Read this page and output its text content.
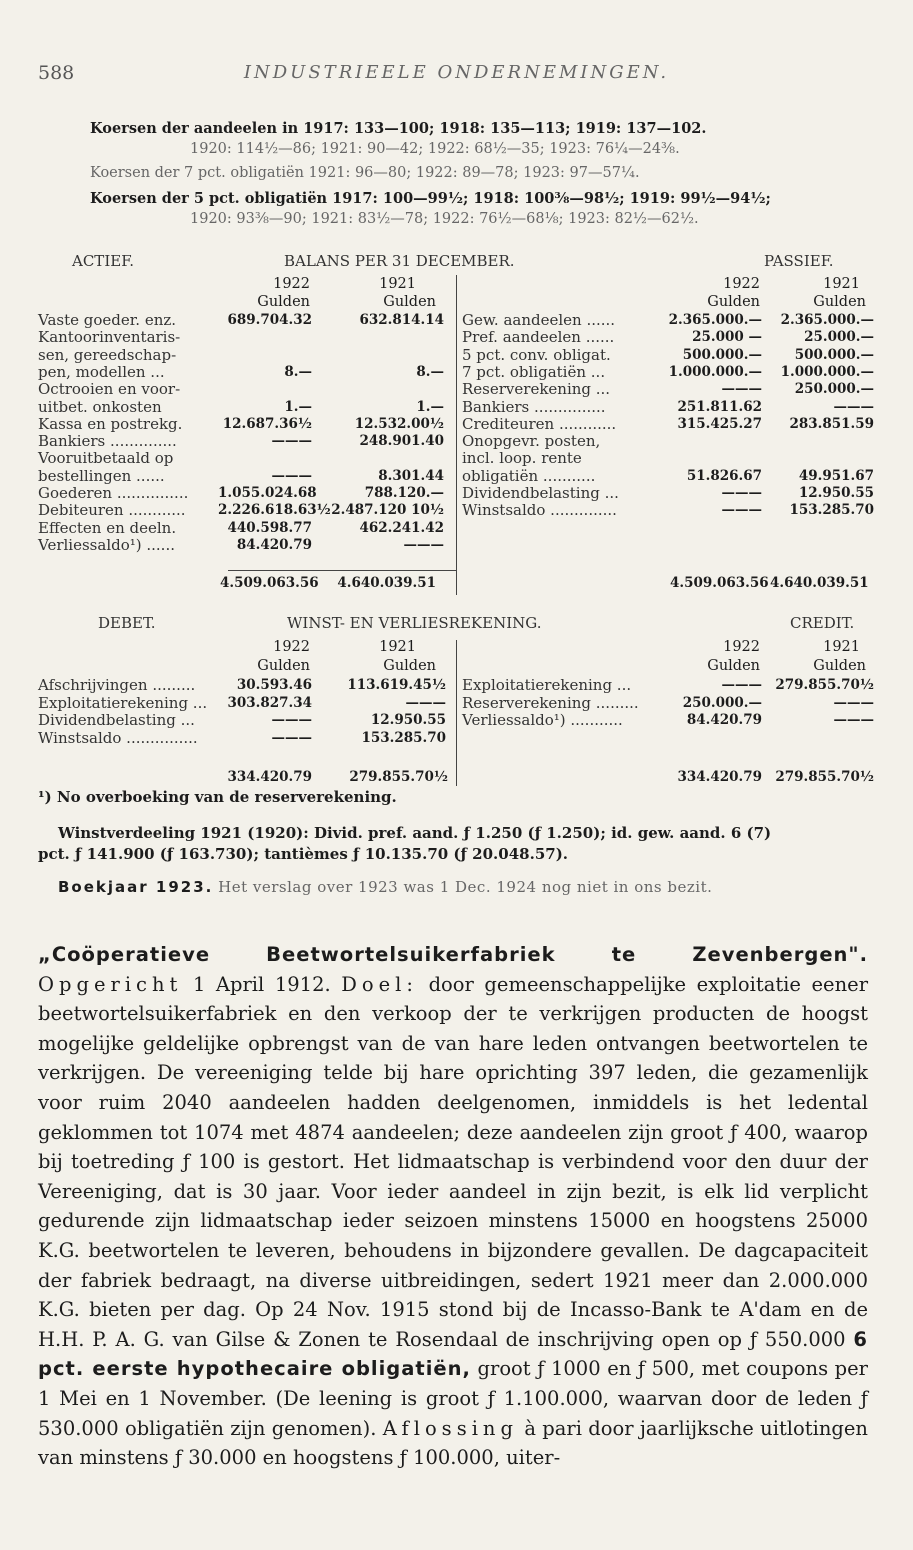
588	INDUSTRIEELE ONDERNEMINGEN.
Koersen der aandeelen in 1917: 133—100; 1918: 135—113; 1919: 137—102.
1920: 114½—86; 1921: 90—42; 1922: 68½—35; 1923: 76¼—24⅜.
Koersen der 7 pct. obligatiën 1921: 96—80; 1922: 89—78; 1923: 97—57¼.
Koersen der 5 pct. obligatiën 1917: 100—99½; 1918: 100⅜—98½; 1919: 99½—94½;
1920: 93⅜—90; 1921: 83½—78; 1922: 76½—68⅛; 1923: 82½—62½.
ACTIEF.	BALANS PER 31 DECEMBER.	PASSIEF.
1922	1921	1922	1921
Gulden	Gulden	Gulden	Gulden
Vaste goeder. enz.	689.704.32	632.814.14
Kantoorinventaris-
sen, gereedschap-
pen, modellen ...	8.—	8.—
Octrooien en voor-
uitbet. onkosten	1.—	1.—
Kassa en postrekg.	12.687.36½	12.532.00½
Bankiers ..............	———	248.901.40
Vooruitbetaald op
bestellingen ......	———	8.301.44
Goederen ............... 1.055.024.68	788.120.—
Debiteuren ............ 2.226.618.63½ 2.487.120 10½
Effecten en deeln.	440.598.77	462.241.42
Verliessaldo¹) ......	84.420.79	———
Gew. aandeelen ......	2.365.000.—	2.365.000.—
Pref. aandeelen ......	25.000 —	25.000.—
5 pct. conv. obligat.	500.000.—	500.000.—
7 pct. obligatiën ...	1.000.000.—	1.000.000.—
Reserverekening ...	———	250.000.—
Bankiers ...............	251.811.62	———
Crediteuren ............	315.425.27	283.851.59
Onopgevr. posten,
incl. loop. rente
obligatiën ...........	51.826.67	49.951.67
Dividendbelasting ...	———	12.950.55
Winstsaldo ..............	———	153.285.70
4.509.063.56 4.640.039.51	4.509.063.56 4.640.039.51
DEBET.	WINST- EN VERLIESREKENING.	CREDIT.
1922	1921	1922	1921
Gulden	Gulden	Gulden	Gulden
Afschrijvingen .........	30.593.46	113.619.45½
Exploitatierekening ...	303.827.34	———
Dividendbelasting ...	———	12.950.55
Winstsaldo ...............	———	153.285.70
Exploitatierekening ...	——— 279.855.70½
Reserverekening .........	250.000.—	———
Verliessaldo¹) ...........	84.420.79	———
334.420.79	279.855.70½	334.420.79 279.855.70½
¹) No overboeking van de reserverekening.
Winstverdeeling 1921 (1920): Divid. pref. aand. ƒ 1.250 (ƒ 1.250); id. gew. aand. 6 (7)
pct. ƒ 141.900 (ƒ 163.730); tantièmes ƒ 10.135.70 (ƒ 20.048.57).
Boekjaar 1923. Het verslag over 1923 was 1 Dec. 1924 nog niet in ons bezit.
„Coöperatieve Beetwortelsuikerfabriek te Zevenbergen". Opgericht 1 April 1912. Doel: door gemeenschappelijke exploitatie eener beetwortelsuikerfabriek en den verkoop der te verkrijgen producten de hoogst mogelijke geldelijke opbrengst van de van hare leden ontvangen beetwortelen te verkrijgen. De vereeniging telde bij hare oprichting 397 leden, die gezamenlijk voor ruim 2040 aandeelen hadden deelgenomen, inmiddels is het ledental geklommen tot 1074 met 4874 aandeelen; deze aandeelen zijn groot ƒ 400, waarop bij toetreding ƒ 100 is gestort. Het lidmaatschap is verbindend voor den duur der Vereeniging, dat is 30 jaar. Voor ieder aandeel in zijn bezit, is elk lid verplicht gedurende zijn lidmaatschap ieder seizoen minstens 15000 en hoogstens 25000 K.G. beetwortelen te leveren, behoudens in bijzondere gevallen. De dagcapaciteit der fabriek bedraagt, na diverse uitbreidingen, sedert 1921 meer dan 2.000.000 K.G. bieten per dag. Op 24 Nov. 1915 stond bij de Incasso-Bank te A'dam en de H.H. P. A. G. van Gilse & Zonen te Rosendaal de inschrijving open op ƒ 550.000 6 pct. eerste hypothecaire obligatiën, groot ƒ 1000 en ƒ 500, met coupons per 1 Mei en 1 November. (De leening is groot ƒ 1.100.000, waarvan door de leden ƒ 530.000 obligatiën zijn genomen). Aflossing à pari door jaarlijksche uitlotingen van minstens ƒ 30.000 en hoogstens ƒ 100.000, uiter-
